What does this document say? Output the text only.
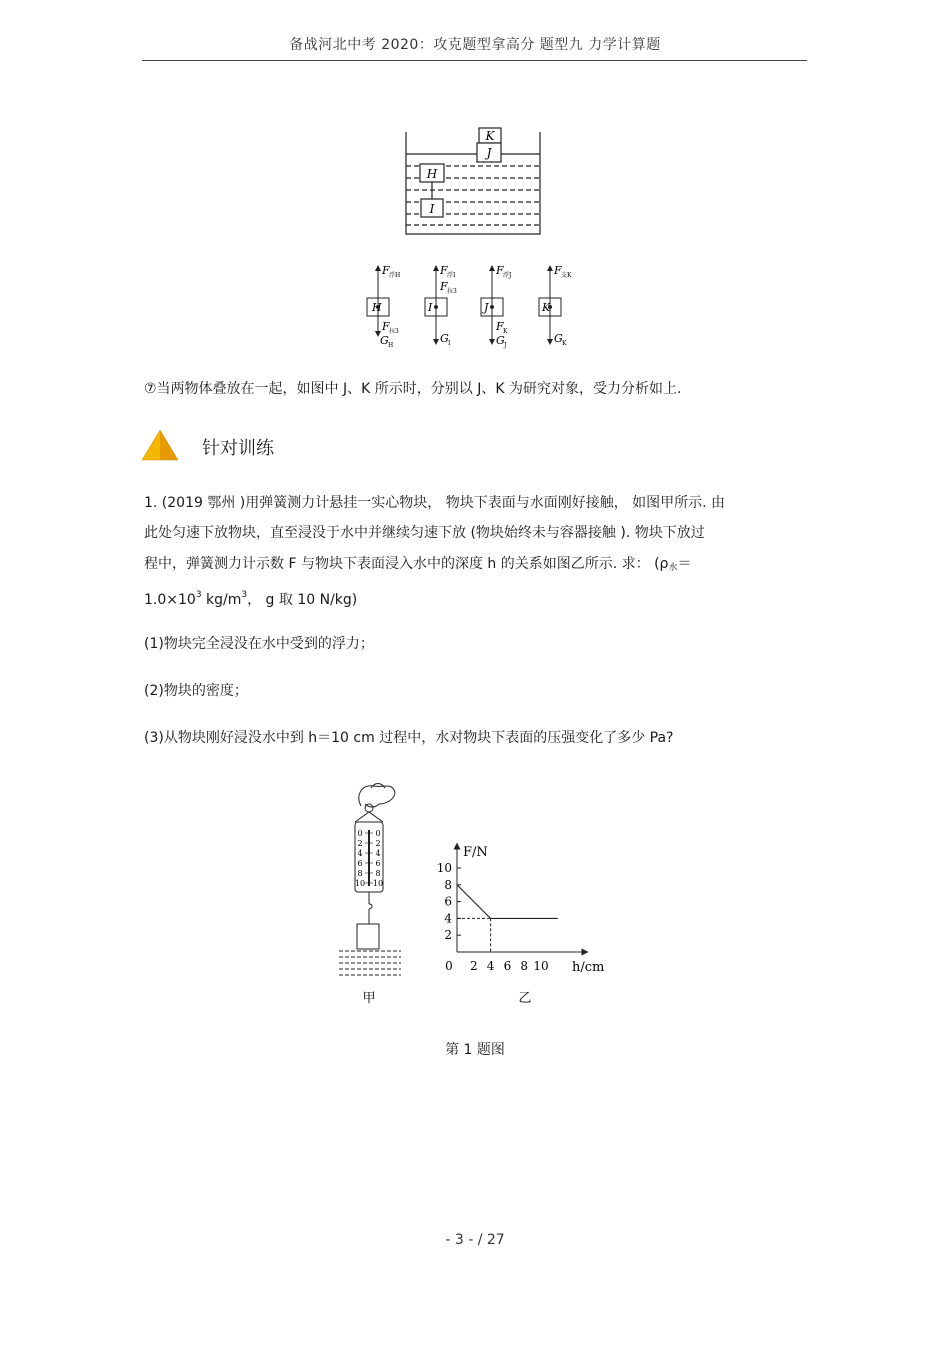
备战河北中考 2020：攻克题型拿高分 题型九 力学计算题
K
J
H
I
H
F 浮H
F 拉3
G H
I
F 浮I
F 拉3
G I
J
F 浮J
F K
G J
K
F 支K
G K
⑦当两物体叠放在一起，如图中 J、K 所示时，分别以 J、K 为研究对象，受力分析如上.
针对训练
1. (2019 鄂州 )用弹簧测力计悬挂一实心物块， 物块下表面与水面刚好接触， 如图甲所示. 由
此处匀速下放物块，直至浸没于水中并继续匀速下放 (物块始终未与容器接触 ). 物块下放过
程中，弹簧测力计示数 F 与物块下表面浸入水中的深度 h 的关系如图乙所示. 求： ($\rho_水=$
$1.0\times 10^3$ $kg/m^3$， g 取 10 N/kg)
(1)物块完全浸没在水中受到的浮力；
(2)物块的密度；
(3)从物块刚好浸没水中到 h＝10 cm 过程中，水对物块下表面的压强变化了多少 Pa?
0 0
2 2
4 4
6 6
8 8
10 10
甲
F/N
h/cm
0 2 4 6 8 10
2
4
6
8
10
乙
第 1 题图
- 3 - / 27
